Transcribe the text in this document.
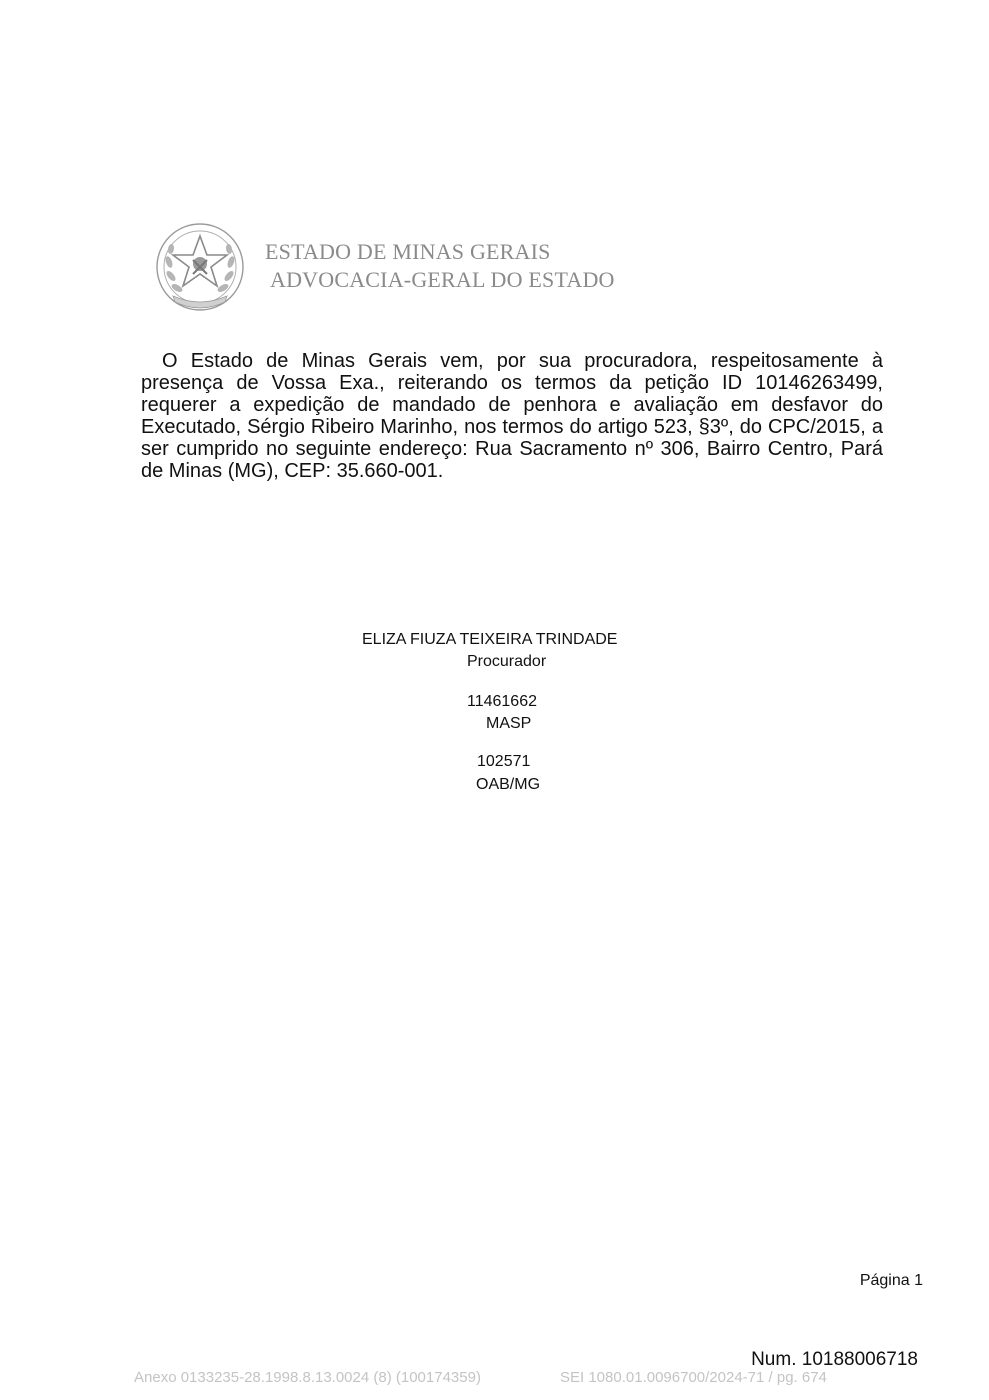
ESTADO DE MINAS GERAIS
ADVOCACIA-GERAL DO ESTADO

O Estado de Minas Gerais vem, por sua procuradora, respeitosamente à presença de Vossa Exa., reiterando os termos da petição ID 10146263499, requerer a expedição de mandado de penhora e avaliação em desfavor do Executado, Sérgio Ribeiro Marinho, nos termos do artigo 523, §3º, do CPC/2015, a ser cumprido no seguinte endereço: Rua Sacramento nº 306, Bairro Centro, Pará de Minas (MG), CEP: 35.660-001.

ELIZA FIUZA TEIXEIRA TRINDADE
Procurador
11461662
MASP
102571
OAB/MG
Página 1
Num. 10188006718
Anexo 0133235-28.1998.8.13.0024 (8) (100174359)	SEI 1080.01.0096700/2024-71 / pg. 674
